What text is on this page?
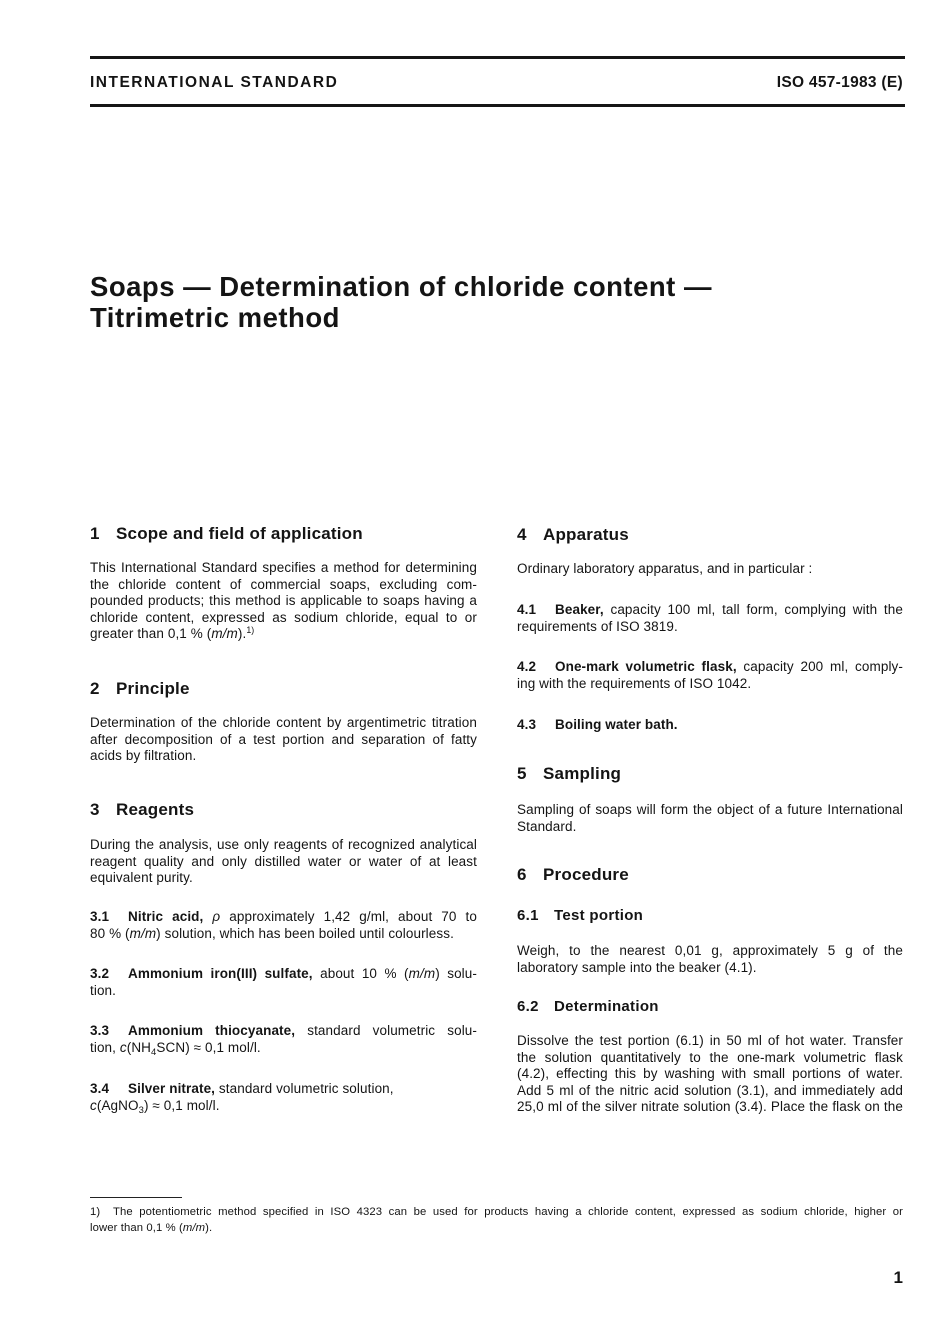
INTERNATIONAL STANDARD	ISO 457-1983 (E)
Soaps — Determination of chloride content —
Titrimetric method
1 Scope and field of application
This International Standard specifies a method for determining
the chloride content of commercial soaps, excluding com-
pounded products; this method is applicable to soaps having a
chloride content, expressed as sodium chloride, equal to or
greater than 0,1 % (m/m).$^{1)}$
2 Principle
Determination of the chloride content by argentimetric titration
after decomposition of a test portion and separation of fatty
acids by filtration.
3 Reagents
During the analysis, use only reagents of recognized analytical
reagent quality and only distilled water or water of at least
equivalent purity.
3.1 Nitric acid, ρ approximately 1,42 g/ml, about 70 to
80 % (m/m) solution, which has been boiled until colourless.
3.2 Ammonium iron(III) sulfate, about 10 % (m/m) solu-
tion.
3.3 Ammonium thiocyanate, standard volumetric solu-
tion, $c(NH_4SCN) \approx 0,1$ mol/l.
3.4 Silver nitrate, standard volumetric solution,
c(AgNO$_3$) ≈ 0,1 mol/l.
4 Apparatus
Ordinary laboratory apparatus, and in particular :
4.1 Beaker, capacity 100 ml, tall form, complying with the
requirements of ISO 3819.
4.2 One-mark volumetric flask, capacity 200 ml, comply-
ing with the requirements of ISO 1042.
4.3 Boiling water bath.
5 Sampling
Sampling of soaps will form the object of a future International
Standard.
6 Procedure
6.1 Test portion
Weigh, to the nearest 0,01 g, approximately 5 g of the
laboratory sample into the beaker (4.1).
6.2 Determination
Dissolve the test portion (6.1) in 50 ml of hot water. Transfer
the solution quantitatively to the one-mark volumetric flask
(4.2), effecting this by washing with small portions of water.
Add 5 ml of the nitric acid solution (3.1), and immediately add
25,0 ml of the silver nitrate solution (3.4). Place the flask on the
1) The potentiometric method specified in ISO 4323 can be used for products having a chloride content, expressed as sodium chloride, higher or
lower than 0,1 % (m/m).
1
